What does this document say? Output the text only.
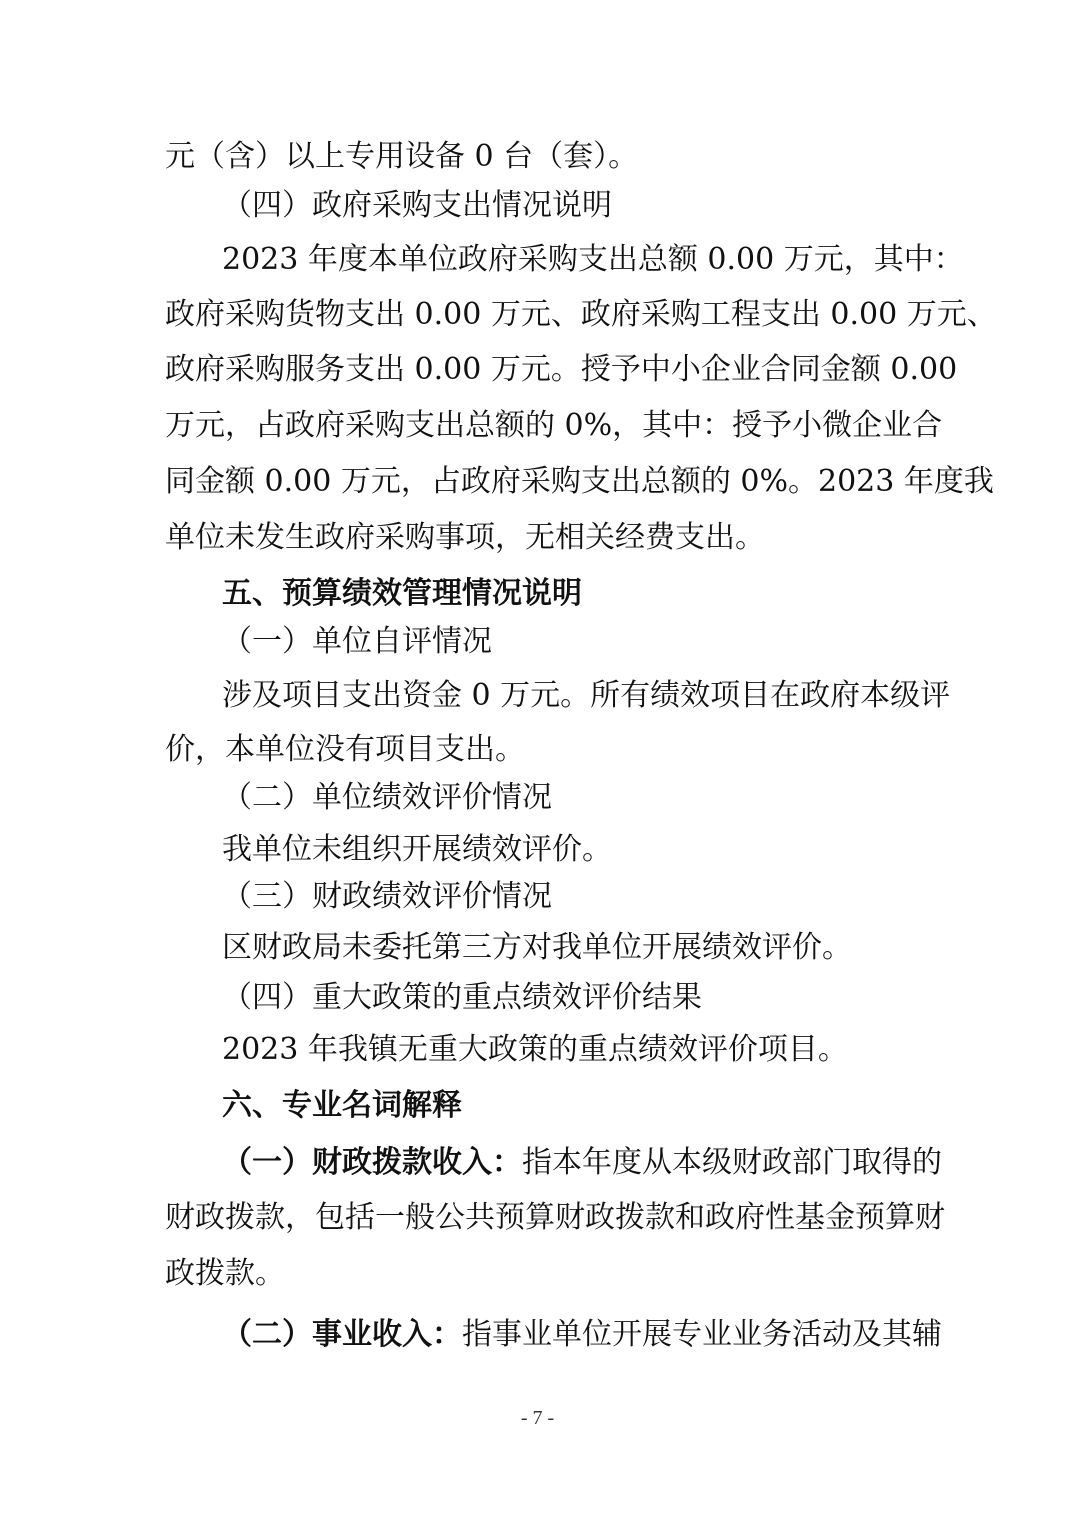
元（含）以上专用设备 0 台（套）。
（四）政府采购支出情况说明
2023 年度本单位政府采购支出总额 0.00 万元，其中：
政府采购货物支出 0.00 万元、政府采购工程支出 0.00 万元、
政府采购服务支出 0.00 万元。授予中小企业合同金额 0.00
万元，占政府采购支出总额的 0%，其中：授予小微企业合
同金额 0.00 万元，占政府采购支出总额的 0%。2023 年度我
单位未发生政府采购事项，无相关经费支出。
五、预算绩效管理情况说明
（一）单位自评情况
涉及项目支出资金 0 万元。所有绩效项目在政府本级评
价，本单位没有项目支出。
（二）单位绩效评价情况
我单位未组织开展绩效评价。
（三）财政绩效评价情况
区财政局未委托第三方对我单位开展绩效评价。
（四）重大政策的重点绩效评价结果
2023 年我镇无重大政策的重点绩效评价项目。
六、专业名词解释
（一）财政拨款收入： 指本年度从本级财政部门取得的
财政拨款，包括一般公共预算财政拨款和政府性基金预算财
政拨款。
（二）事业收入： 指事业单位开展专业业务活动及其辅
- 7 -
